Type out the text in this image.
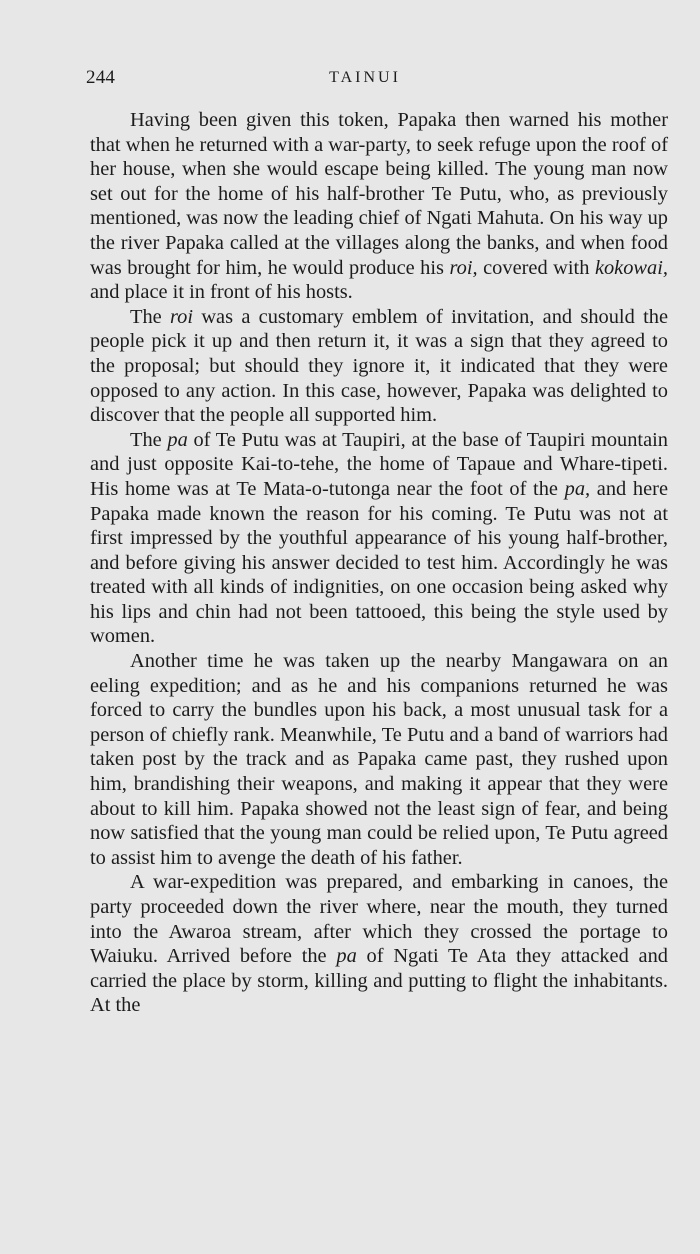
244	TAINUI

Having been given this token, Papaka then warned his mother that when he returned with a war-party, to seek refuge upon the roof of her house, when she would escape being killed. The young man now set out for the home of his half-brother Te Putu, who, as previously mentioned, was now the leading chief of Ngati Mahuta. On his way up the river Papaka called at the villages along the banks, and when food was brought for him, he would produce his roi, covered with kokowai, and place it in front of his hosts.

The roi was a customary emblem of invitation, and should the people pick it up and then return it, it was a sign that they agreed to the proposal; but should they ignore it, it indicated that they were opposed to any action. In this case, however, Papaka was delighted to discover that the people all supported him.

The pa of Te Putu was at Taupiri, at the base of Taupiri mountain and just opposite Kai-to-tehe, the home of Tapaue and Whare-tipeti. His home was at Te Mata-o-tutonga near the foot of the pa, and here Papaka made known the reason for his coming. Te Putu was not at first impressed by the youthful appearance of his young half-brother, and before giving his answer decided to test him. Accordingly he was treated with all kinds of indignities, on one occasion being asked why his lips and chin had not been tattooed, this being the style used by women.

Another time he was taken up the nearby Mangawara on an eeling expedition; and as he and his companions returned he was forced to carry the bundles upon his back, a most unusual task for a person of chiefly rank. Meanwhile, Te Putu and a band of warriors had taken post by the track and as Papaka came past, they rushed upon him, brandishing their weapons, and making it appear that they were about to kill him. Papaka showed not the least sign of fear, and being now satisfied that the young man could be relied upon, Te Putu agreed to assist him to avenge the death of his father.

A war-expedition was prepared, and embarking in canoes, the party proceeded down the river where, near the mouth, they turned into the Awaroa stream, after which they crossed the portage to Waiuku. Arrived before the pa of Ngati Te Ata they attacked and carried the place by storm, killing and putting to flight the inhabitants. At the
